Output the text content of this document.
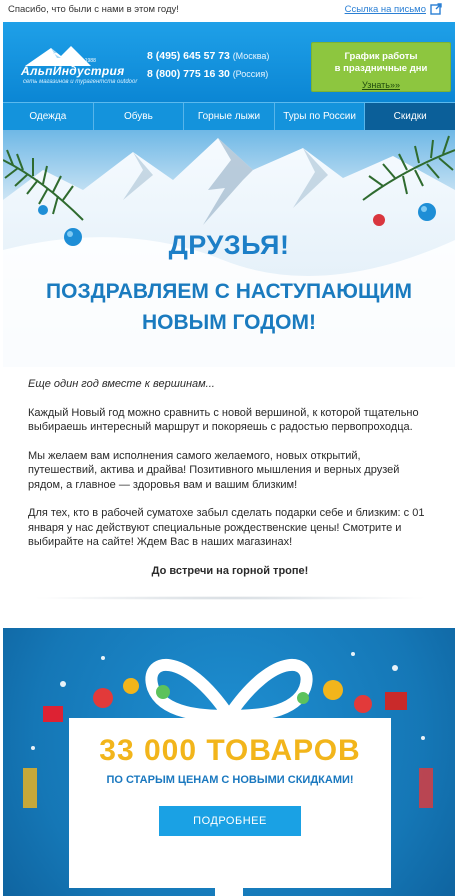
Спасибо, что были с нами в этом году!	Ссылка на письмо
ОСНОВ.1988
АльпИндустрия
сеть магазинов и турагентств outdoor
8 (495) 645 57 73 (Москва)
8 (800) 775 16 30 (Россия)
График работы
в праздничные дни
Узнать»»
Одежда	Обувь	Горные лыжи	Туры по России	Скидки
ДРУЗЬЯ!
ПОЗДРАВЛЯЕМ С НАСТУПАЮЩИМ
НОВЫМ ГОДОМ!

Еще один год вместе к вершинам...

Каждый Новый год можно сравнить с новой вершиной, к которой тщательно выбираешь интересный маршрут и покоряешь с радостью первопроходца.

Мы желаем вам исполнения самого желаемого, новых открытий, путешествий, актива и драйва! Позитивного мышления и верных друзей рядом, а главное — здоровья вам и вашим близким!

Для тех, кто в рабочей суматохе забыл сделать подарки себе и близким: с 01 января у нас действуют специальные рождественские цены! Смотрите и выбирайте на сайте! Ждем Вас в наших магазинах!

До встречи на горной тропе!

33 000 ТОВАРОВ
ПО СТАРЫМ ЦЕНАМ С НОВЫМИ СКИДКАМИ!
ПОДРОБНЕЕ
